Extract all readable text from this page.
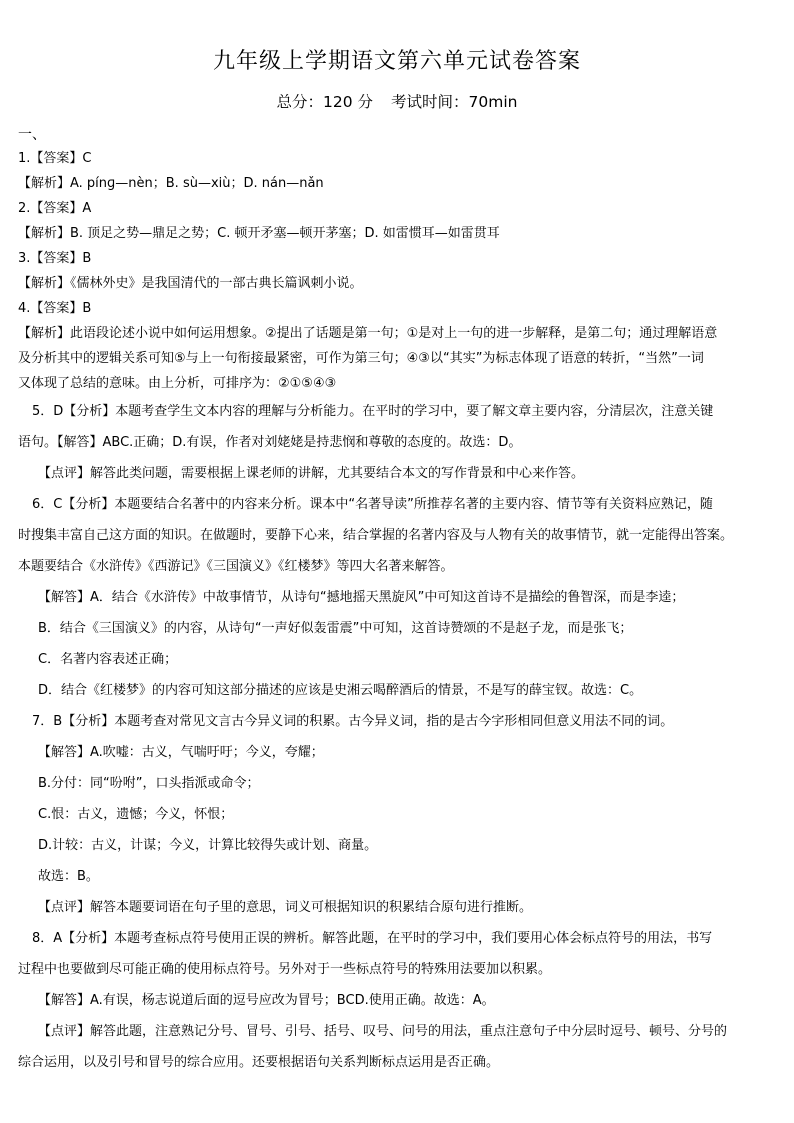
九年级上学期语文第六单元试卷答案
总分：120 分 考试时间：70min
一、
1.【答案】C
【解析】A. pínɡ—nèn；B. sù—xiù；D. nán—nǎn
2.【答案】A
【解析】B. 顶足之势—鼎足之势；C. 顿开矛塞—顿开茅塞；D. 如雷惯耳—如雷贯耳
3.【答案】B
【解析】《儒林外史》是我国清代的一部古典长篇讽刺小说。
4.【答案】B
【解析】此语段论述小说中如何运用想象。②提出了话题是第一句；①是对上一句的进一步解释，是第二句；通过理解语意
及分析其中的逻辑关系可知⑤与上一句衔接最紧密，可作为第三句；④③以“其实”为标志体现了语意的转折，“当然”一词
又体现了总结的意味。由上分析，可排序为：②①⑤④③
5．D【分析】本题考查学生文本内容的理解与分析能力。在平时的学习中，要了解文章主要内容，分清层次，注意关键
语句。【解答】ABC.正确；D.有误，作者对刘姥姥是持悲悯和尊敬的态度的。故选：D。
【点评】解答此类问题，需要根据上课老师的讲解，尤其要结合本文的写作背景和中心来作答。
6．C【分析】本题要结合名著中的内容来分析。课本中“名著导读”所推荐名著的主要内容、情节等有关资料应熟记，随
时搜集丰富自己这方面的知识。在做题时，要静下心来，结合掌握的名著内容及与人物有关的故事情节，就一定能得出答案。
本题要结合《水浒传》《西游记》《三国演义》《红楼梦》等四大名著来解答。
【解答】A．结合《水浒传》中故事情节，从诗句“撼地摇天黑旋风”中可知这首诗不是描绘的鲁智深，而是李逵；
B．结合《三国演义》的内容，从诗句“一声好似轰雷震”中可知，这首诗赞颂的不是赵子龙，而是张飞；
C．名著内容表述正确；
D．结合《红楼梦》的内容可知这部分描述的应该是史湘云喝醉酒后的情景，不是写的薛宝钗。故选：C。
7．B【分析】本题考查对常见文言古今异义词的积累。古今异义词，指的是古今字形相同但意义用法不同的词。
【解答】A.吹嘘：古义，气喘吁吁；今义，夸耀；
B.分付：同“吩咐”，口头指派或命令；
C.恨：古义，遗憾；今义，怀恨；
D.计较：古义，计谋；今义，计算比较得失或计划、商量。
故选：B。
【点评】解答本题要词语在句子里的意思，词义可根据知识的积累结合原句进行推断。
8．A【分析】本题考查标点符号使用正误的辨析。解答此题，在平时的学习中，我们要用心体会标点符号的用法，书写
过程中也要做到尽可能正确的使用标点符号。另外对于一些标点符号的特殊用法要加以积累。
【解答】A.有误，杨志说道后面的逗号应改为冒号；BCD.使用正确。故选：A。
【点评】解答此题，注意熟记分号、冒号、引号、括号、叹号、问号的用法，重点注意句子中分层时逗号、顿号、分号的
综合运用，以及引号和冒号的综合应用。还要根据语句关系判断标点运用是否正确。
